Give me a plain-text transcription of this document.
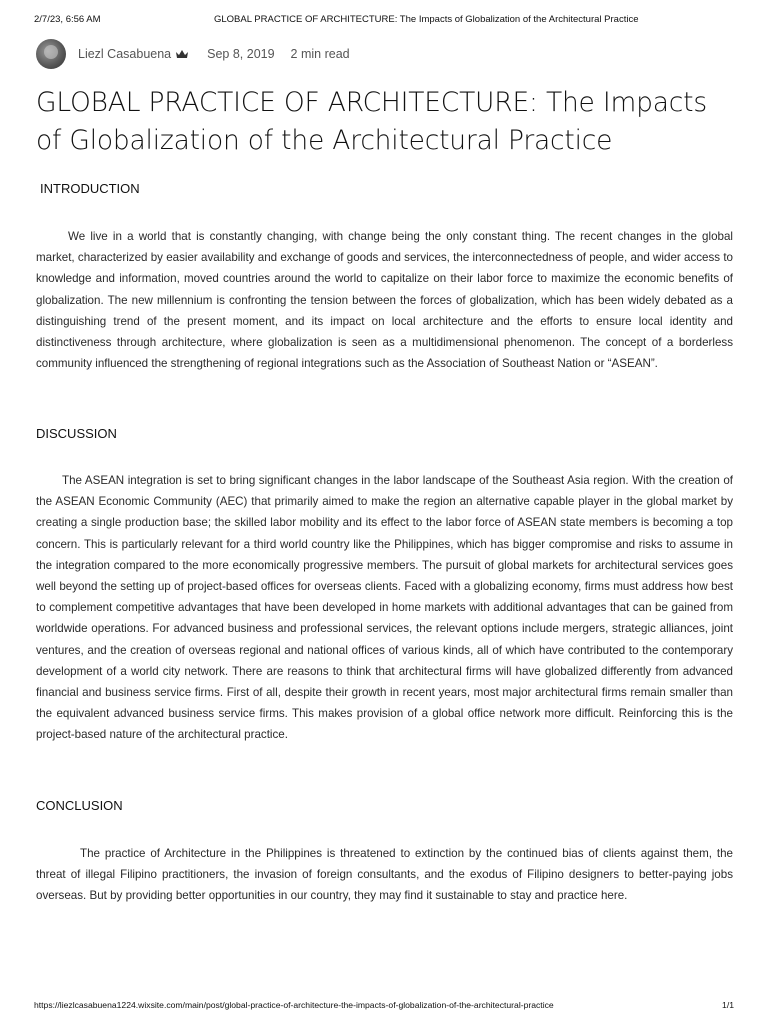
2/7/23, 6:56 AM	GLOBAL PRACTICE OF ARCHITECTURE: The Impacts of Globalization of the Architectural Practice
Liezl Casabuena	Sep 8, 2019 2 min read
GLOBAL PRACTICE OF ARCHITECTURE: The Impacts of Globalization of the Architectural Practice
INTRODUCTION

We live in a world that is constantly changing, with change being the only constant thing. The recent changes in the global market, characterized by easier availability and exchange of goods and services, the interconnectedness of people, and wider access to knowledge and information, moved countries around the world to capitalize on their labor force to maximize the economic benefits of globalization. The new millennium is confronting the tension between the forces of globalization, which has been widely debated as a distinguishing trend of the present moment, and its impact on local architecture and the efforts to ensure local identity and distinctiveness through architecture, where globalization is seen as a multidimensional phenomenon. The concept of a borderless community influenced the strengthening of regional integrations such as the Association of Southeast Nation or “ASEAN”.

DISCUSSION

The ASEAN integration is set to bring significant changes in the labor landscape of the Southeast Asia region. With the creation of the ASEAN Economic Community (AEC) that primarily aimed to make the region an alternative capable player in the global market by creating a single production base; the skilled labor mobility and its effect to the labor force of ASEAN state members is becoming a top concern. This is particularly relevant for a third world country like the Philippines, which has bigger compromise and risks to assume in the integration compared to the more economically progressive members. The pursuit of global markets for architectural services goes well beyond the setting up of project-based offices for overseas clients. Faced with a globalizing economy, firms must address how best to complement competitive advantages that have been developed in home markets with additional advantages that can be gained from worldwide operations. For advanced business and professional services, the relevant options include mergers, strategic alliances, joint ventures, and the creation of overseas regional and national offices of various kinds, all of which have contributed to the contemporary development of a world city network. There are reasons to think that architectural firms will have globalized differently from advanced financial and business service firms. First of all, despite their growth in recent years, most major architectural firms remain smaller than the equivalent advanced business service firms. This makes provision of a global office network more difficult. Reinforcing this is the project-based nature of the architectural practice.

CONCLUSION

The practice of Architecture in the Philippines is threatened to extinction by the continued bias of clients against them, the threat of illegal Filipino practitioners, the invasion of foreign consultants, and the exodus of Filipino designers to better-paying jobs overseas. But by providing better opportunities in our country, they may find it sustainable to stay and practice here.

https://liezlcasabuena1224.wixsite.com/main/post/global-practice-of-architecture-the-impacts-of-globalization-of-the-architectural-practice	1/1
